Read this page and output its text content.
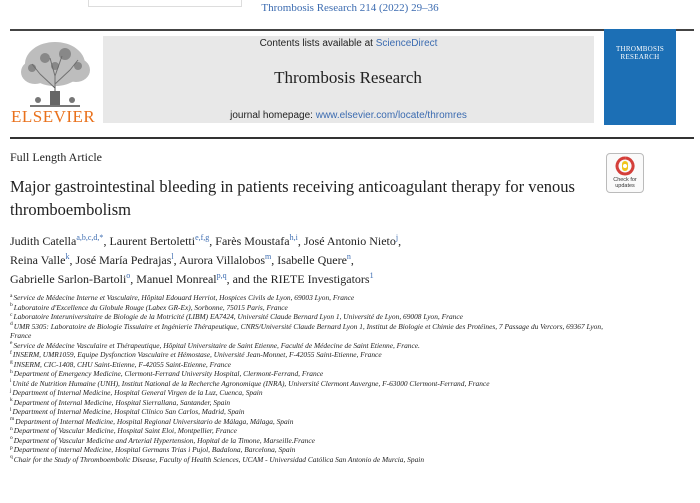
Thrombosis Research 214 (2022) 29–36
ELSEVIER
Contents lists available at ScienceDirect
Thrombosis Research
journal homepage: www.elsevier.com/locate/thromres
THROMBOSIS
RESEARCH
Full Length Article
Check for
updates
Major gastrointestinal bleeding in patients receiving anticoagulant therapy for venous thromboembolism
Judith Catella$^{a,b,c,d,*}$, Laurent Bertoletti$^{e,f,g}$, Farès Moustafa$^{h,i}$, José Antonio Nieto$^j$,
Reina Valle$^k$, José María Pedrajas$^l$, Aurora Villalobos$^m$, Isabelle Quere$^n$,
Gabrielle Sarlon-Bartoli$^o$, Manuel Monreal$^{p,q}$, and the RIETE Investigators$^1$
$^a$Service de Médecine Interne et Vasculaire, Hôpital Edouard Herriot, Hospices Civils de Lyon, 69003 Lyon, France
$^b$Laboratoire d'Excellence du Globule Rouge (Labex GR-Ex), Sorbonne, 75015 Paris, France
$^c$Laboratoire Interuniversitaire de Biologie de la Motricité (LIBM) EA7424, Université Claude Bernard Lyon 1, Université de Lyon, 69008 Lyon, France
$^d$UMR 5305: Laboratoire de Biologie Tissulaire et Ingénierie Thérapeutique, CNRS/Université Claude Bernard Lyon 1, Institut de Biologie et Chimie des Protéines, 7 Passage du Vercors, 69367 Lyon, France
$^e$Service de Médecine Vasculaire et Thérapeutique, Hôpital Universitaire de Saint Etienne, Faculté de Médecine de Saint Etienne, France.
$^f$INSERM, UMR1059, Equipe Dysfonction Vasculaire et Hémostase, Université Jean-Monnet, F-42055 Saint-Etienne, France
$^g$INSERM, CIC-1408, CHU Saint-Etienne, F-42055 Saint-Etienne, France
$^h$Department of Emergency Medicine, Clermont-Ferrand University Hospital, Clermont-Ferrand, France
$^i$Unité de Nutrition Humaine (UNH), Institut National de la Recherche Agronomique (INRA), Université Clermont Auvergne, F-63000 Clermont-Ferrand, France
$^j$Department of Internal Medicine, Hospital General Virgen de la Luz, Cuenca, Spain
$^k$Department of Internal Medicine, Hospital Sierrallana, Santander, Spain
$^l$Department of Internal Medicine, Hospital Clínico San Carlos, Madrid, Spain
$^m$Department of Internal Medicine, Hospital Regional Universitario de Málaga, Málaga, Spain
$^n$Department of Vascular Medicine, Hospital Saint Eloi, Montpellier, France
$^o$Department of Vascular Medicine and Arterial Hypertension, Hopital de la Timone, Marseille.France
$^p$Department of internal Medicine, Hospital Germans Trias i Pujol, Badalona, Barcelona, Spain
$^q$Chair for the Study of Thromboembolic Disease, Faculty of Health Sciences, UCAM - Universidad Católica San Antonio de Murcia, Spain
